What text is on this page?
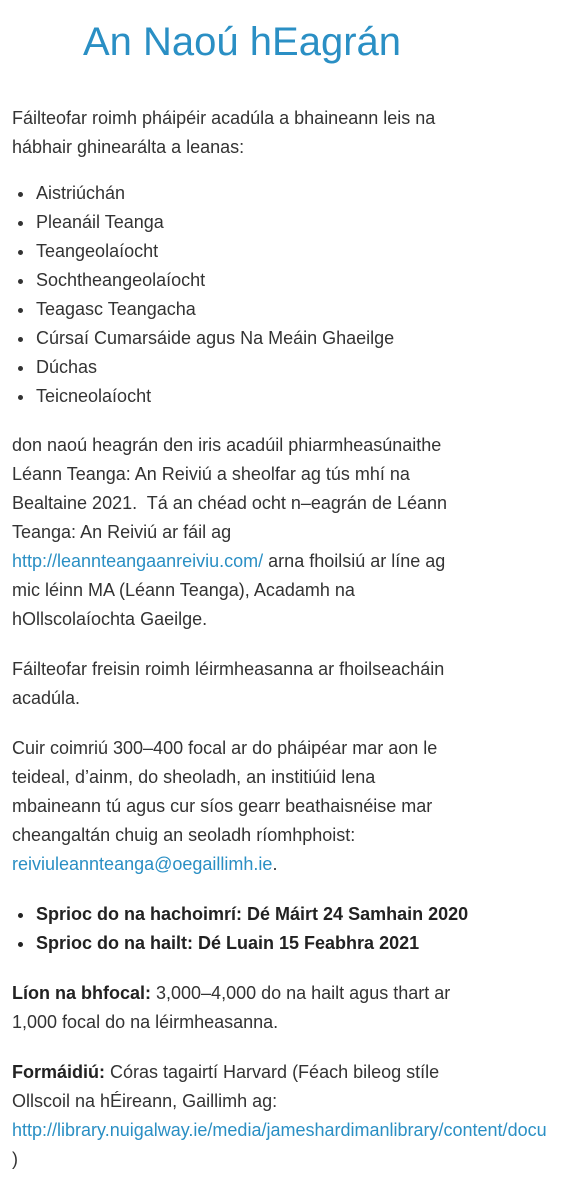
An Naoú hEagrán

Fáilteofar roimh pháipéir acadúla a bhaineann leis na
hábhair ghinearálta a leanas:

• Aistriúchán
• Pleanáil Teanga
• Teangeolaíocht
• Sochtheangeolaíocht
• Teagasc Teangacha
• Cúrsaí Cumarsáide agus Na Meáin Ghaeilge
• Dúchas
• Teicneolaíocht

don naoú heagrán den iris acadúil phiarmheasúnaithe
Léann Teanga: An Reiviú a sheolfar ag tús mhí na
Bealtaine 2021.  Tá an chéad ocht n–eagrán de Léann
Teanga: An Reiviú ar fáil ag
http://leannteangaanreiviu.com/ arna fhoilsiú ar líne ag
mic léinn MA (Léann Teanga), Acadamh na
hOllscolaíochta Gaeilge.

Fáilteofar freisin roimh léirmheasanna ar fhoilseacháin
acadúla.

Cuir coimriú 300–400 focal ar do pháipéar mar aon le
teideal, d’ainm, do sheoladh, an institiúid lena
mbaineann tú agus cur síos gearr beathaisnéise mar
cheangaltán chuig an seoladh ríomhphoist:
reiviuleannteanga@oegaillimh.ie.

• Sprioc do na hachoimrí: Dé Máirt 24 Samhain 2020
• Sprioc do na hailt: Dé Luain 15 Feabhra 2021

Líon na bhfocal: 3,000–4,000 do na hailt agus thart ar
1,000 focal do na léirmheasanna.

Formáidiú: Córas tagairtí Harvard (Féach bileog stíle
Ollscoil na hÉireann, Gaillimh ag:
http://library.nuigalway.ie/media/jameshardimanlibrary/content/docu
)
